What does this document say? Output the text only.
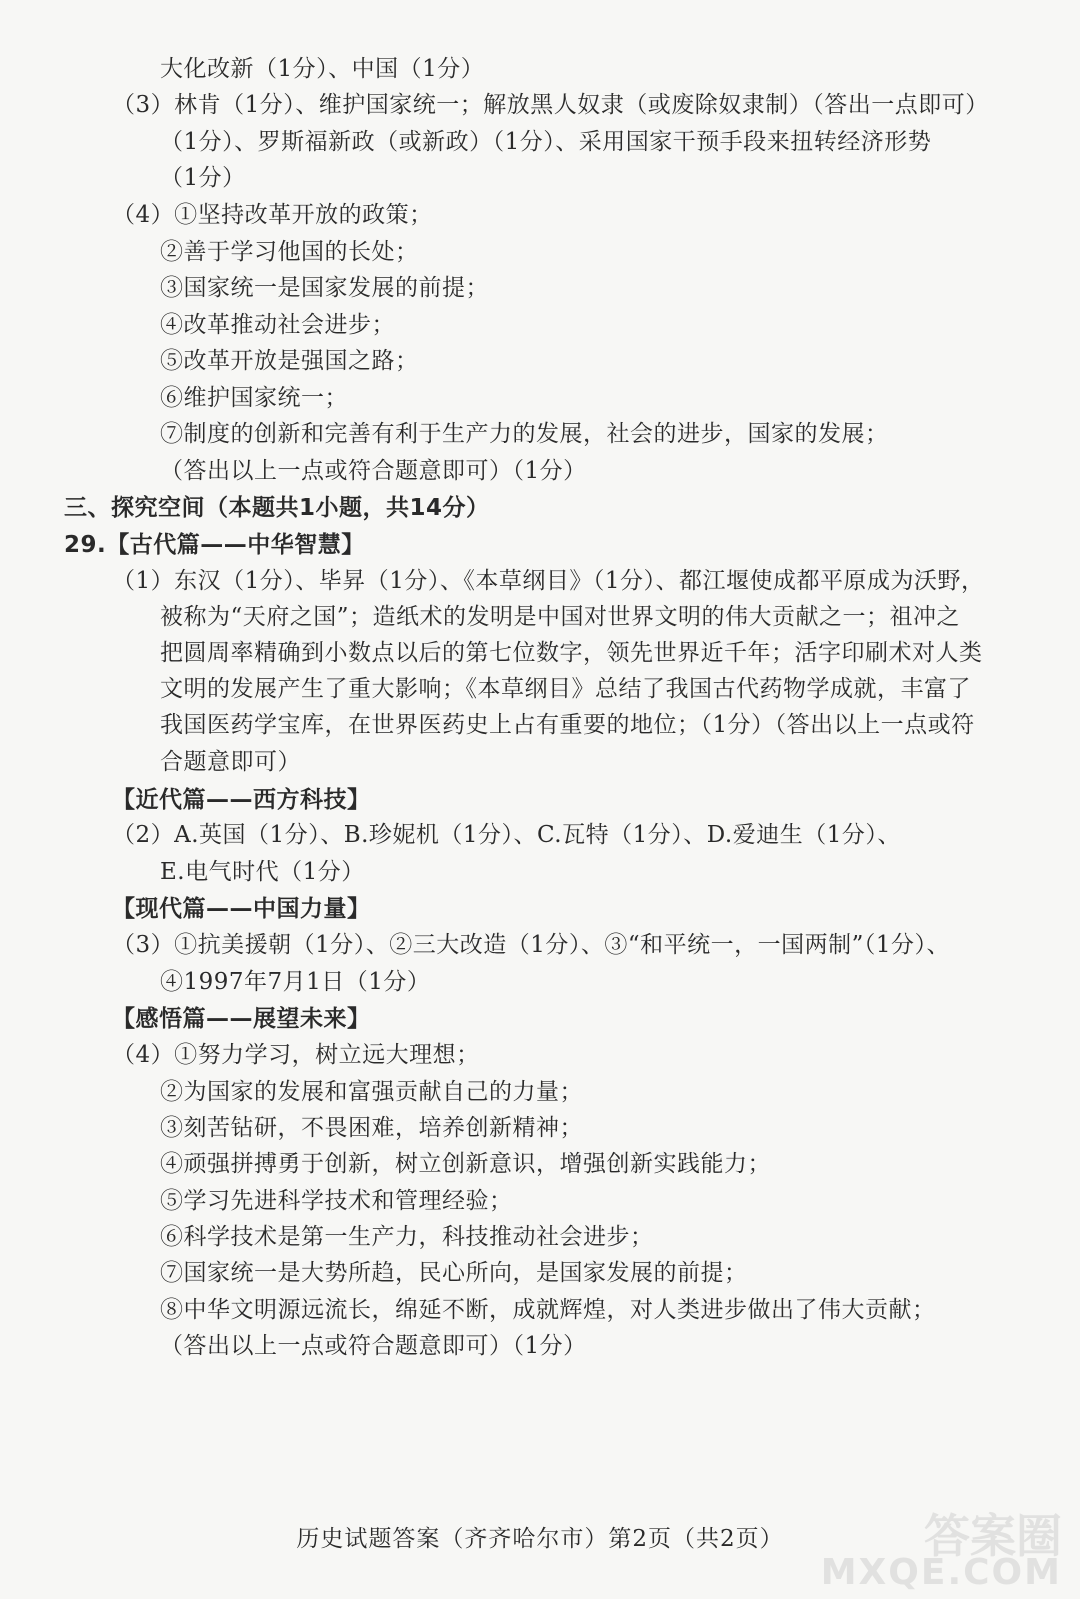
大化改新（1分）、中国（1分）
（3）林肯（1分）、维护国家统一；解放黑人奴隶（或废除奴隶制）（答出一点即可）
（1分）、罗斯福新政（或新政）（1分）、采用国家干预手段来扭转经济形势
（1分）
（4）①坚持改革开放的政策；
②善于学习他国的长处；
③国家统一是国家发展的前提；
④改革推动社会进步；
⑤改革开放是强国之路；
⑥维护国家统一；
⑦制度的创新和完善有利于生产力的发展，社会的进步，国家的发展；
（答出以上一点或符合题意即可）（1分）
三、探究空间（本题共1小题，共14分）
29.【古代篇——中华智慧】
（1）东汉（1分）、毕昇（1分）、《本草纲目》（1分）、都江堰使成都平原成为沃野，
被称为“天府之国”；造纸术的发明是中国对世界文明的伟大贡献之一；祖冲之
把圆周率精确到小数点以后的第七位数字，领先世界近千年；活字印刷术对人类
文明的发展产生了重大影响；《本草纲目》总结了我国古代药物学成就，丰富了
我国医药学宝库，在世界医药史上占有重要的地位；（1分）（答出以上一点或符
合题意即可）
【近代篇——西方科技】
（2）A.英国（1分）、B.珍妮机（1分）、C.瓦特（1分）、D.爱迪生（1分）、
E.电气时代（1分）
【现代篇——中国力量】
（3）①抗美援朝（1分）、②三大改造（1分）、③“和平统一，一国两制”（1分）、
④1997年7月1日（1分）
【感悟篇——展望未来】
（4）①努力学习，树立远大理想；
②为国家的发展和富强贡献自己的力量；
③刻苦钻研，不畏困难，培养创新精神；
④顽强拼搏勇于创新，树立创新意识，增强创新实践能力；
⑤学习先进科学技术和管理经验；
⑥科学技术是第一生产力，科技推动社会进步；
⑦国家统一是大势所趋，民心所向，是国家发展的前提；
⑧中华文明源远流长，绵延不断，成就辉煌，对人类进步做出了伟大贡献；
（答出以上一点或符合题意即可）（1分）
历史试题答案（齐齐哈尔市）第2页（共2页）	答案圈
MXQE.COM
